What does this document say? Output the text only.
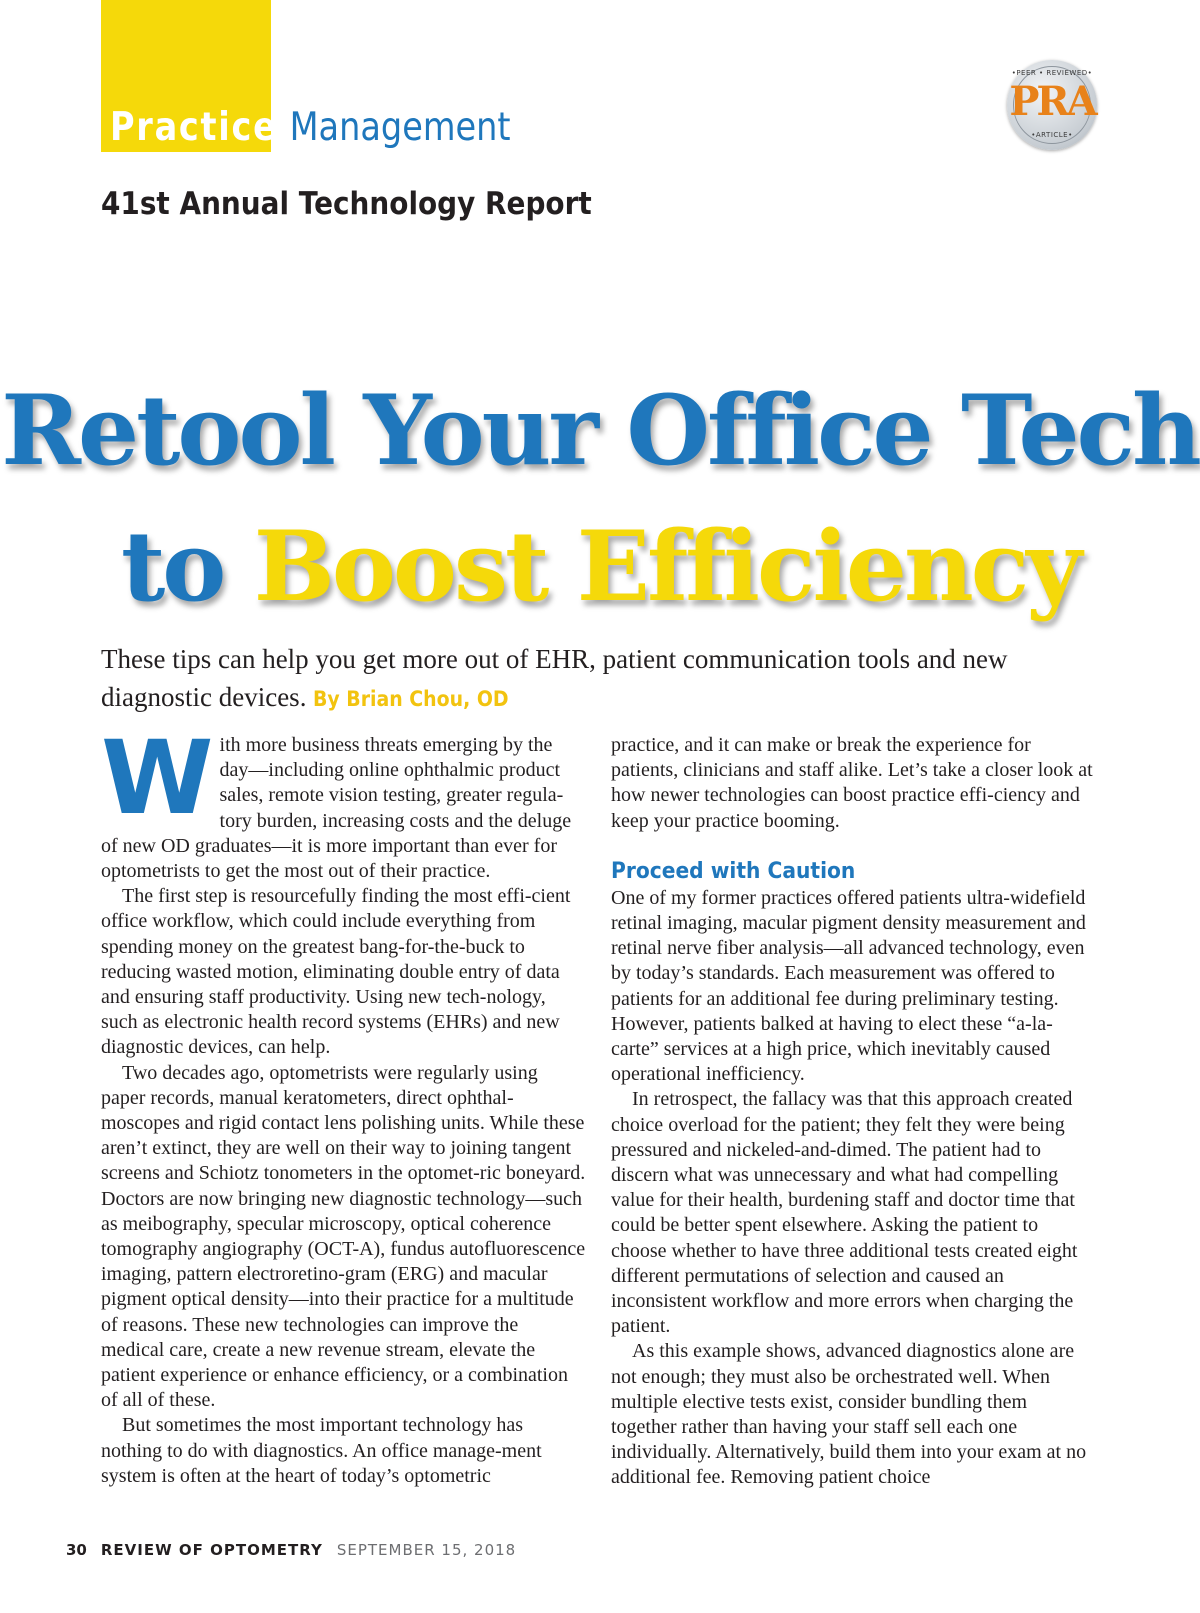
Practice Management
•PEER • REVIEWED•
PRA
•ARTICLE•
41st Annual Technology Report
Retool Your Office Tech
to Boost Efficiency
These tips can help you get more out of EHR, patient communication tools and new diagnostic devices. By Brian Chou, OD

With more business threats emerging by the day—including online ophthalmic product sales, remote vision testing, greater regula-tory burden, increasing costs and the deluge of new OD graduates—it is more important than ever for optometrists to get the most out of their practice.

The first step is resourcefully finding the most effi-cient office workflow, which could include everything from spending money on the greatest bang-for-the-buck to reducing wasted motion, eliminating double entry of data and ensuring staff productivity. Using new tech-nology, such as electronic health record systems (EHRs) and new diagnostic devices, can help.

Two decades ago, optometrists were regularly using paper records, manual keratometers, direct ophthal-moscopes and rigid contact lens polishing units. While these aren’t extinct, they are well on their way to joining tangent screens and Schiotz tonometers in the optomet-ric boneyard. Doctors are now bringing new diagnostic technology—such as meibography, specular microscopy, optical coherence tomography angiography (OCT-A), fundus autofluorescence imaging, pattern electroretino-gram (ERG) and macular pigment optical density—into their practice for a multitude of reasons. These new technologies can improve the medical care, create a new revenue stream, elevate the patient experience or enhance efficiency, or a combination of all of these.

But sometimes the most important technology has nothing to do with diagnostics. An office manage-ment system is often at the heart of today’s optometric

practice, and it can make or break the experience for patients, clinicians and staff alike. Let’s take a closer look at how newer technologies can boost practice effi-ciency and keep your practice booming.

Proceed with Caution

One of my former practices offered patients ultra-widefield retinal imaging, macular pigment density measurement and retinal nerve fiber analysis—all advanced technology, even by today’s standards. Each measurement was offered to patients for an additional fee during preliminary testing. However, patients balked at having to elect these “a-la-carte” services at a high price, which inevitably caused operational inefficiency.

In retrospect, the fallacy was that this approach created choice overload for the patient; they felt they were being pressured and nickeled-and-dimed. The patient had to discern what was unnecessary and what had compelling value for their health, burdening staff and doctor time that could be better spent elsewhere. Asking the patient to choose whether to have three additional tests created eight different permutations of selection and caused an inconsistent workflow and more errors when charging the patient.

As this example shows, advanced diagnostics alone are not enough; they must also be orchestrated well. When multiple elective tests exist, consider bundling them together rather than having your staff sell each one individually. Alternatively, build them into your exam at no additional fee. Removing patient choice

30 REVIEW OF OPTOMETRY SEPTEMBER 15, 2018
